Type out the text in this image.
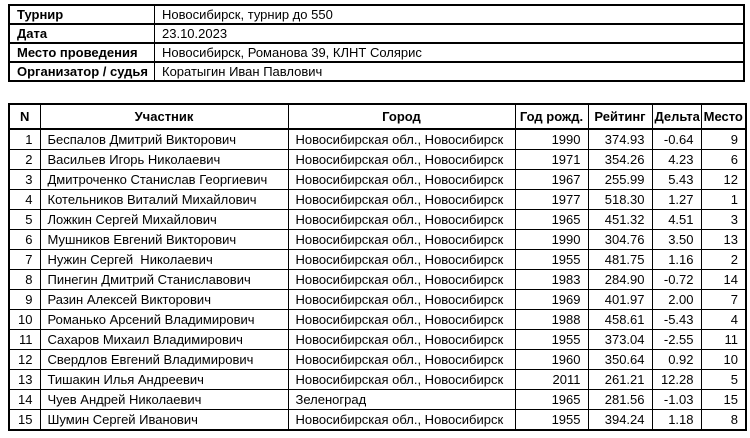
Турнир	Новосибирск, турнир до 550
Дата	23.10.2023
Место проведения	Новосибирск, Романова 39, КЛНТ Солярис
Организатор / судья	Коратыгин Иван Павлович
N	Участник	Город	Год рожд.	Рейтинг	Дельта	Место
1	Беспалов Дмитрий Викторович	Новосибирская обл., Новосибирск	1990	374.93	-0.64	9
2	Васильев Игорь Николаевич	Новосибирская обл., Новосибирск	1971	354.26	4.23	6
3	Дмитроченко Станислав Георгиевич	Новосибирская обл., Новосибирск	1967	255.99	5.43	12
4	Котельников Виталий Михайлович	Новосибирская обл., Новосибирск	1977	518.30	1.27	1
5	Ложкин Сергей Михайлович	Новосибирская обл., Новосибирск	1965	451.32	4.51	3
6	Мушников Евгений Викторович	Новосибирская обл., Новосибирск	1990	304.76	3.50	13
7	Нужин Сергей  Николаевич	Новосибирская обл., Новосибирск	1955	481.75	1.16	2
8	Пинегин Дмитрий Станиславович	Новосибирская обл., Новосибирск	1983	284.90	-0.72	14
9	Разин Алексей Викторович	Новосибирская обл., Новосибирск	1969	401.97	2.00	7
10	Романько Арсений Владимирович	Новосибирская обл., Новосибирск	1988	458.61	-5.43	4
11	Сахаров Михаил Владимирович	Новосибирская обл., Новосибирск	1955	373.04	-2.55	11
12	Свердлов Евгений Владимирович	Новосибирская обл., Новосибирск	1960	350.64	0.92	10
13	Тишакин Илья Андреевич	Новосибирская обл., Новосибирск	2011	261.21	12.28	5
14	Чуев Андрей Николаевич	Зеленоград	1965	281.56	-1.03	15
15	Шумин Сергей Иванович	Новосибирская обл., Новосибирск	1955	394.24	1.18	8
